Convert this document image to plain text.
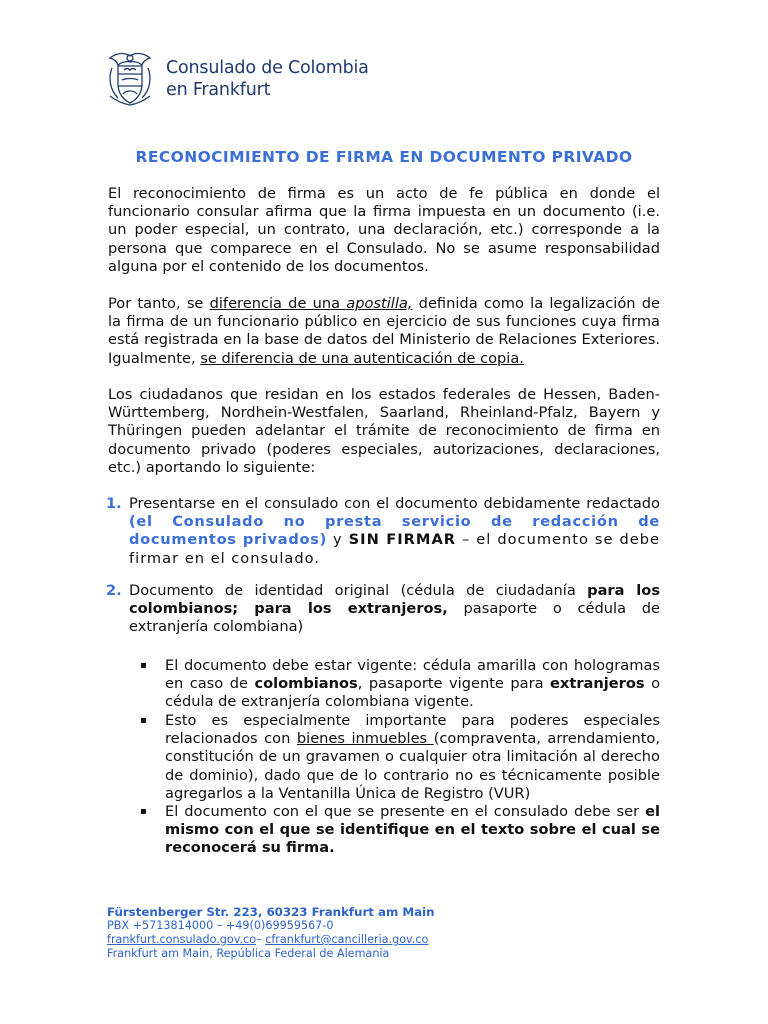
Consulado de Colombia
en Frankfurt
RECONOCIMIENTO DE FIRMA EN DOCUMENTO PRIVADO
El reconocimiento de firma es un acto de fe pública en donde el funcionario consular afirma que la firma impuesta en un documento (i.e. un poder especial, un contrato, una declaración, etc.) corresponde a la persona que comparece en el Consulado. No se asume responsabilidad alguna por el contenido de los documentos.
Por tanto, se diferencia de una apostilla, definida como la legalización de la firma de un funcionario público en ejercicio de sus funciones cuya firma está registrada en la base de datos del Ministerio de Relaciones Exteriores. Igualmente, se diferencia de una autenticación de copia.
Los ciudadanos que residan en los estados federales de Hessen, Baden-Württemberg, Nordhein-Westfalen, Saarland, Rheinland-Pfalz, Bayern y Thüringen pueden adelantar el trámite de reconocimiento de firma en documento privado (poderes especiales, autorizaciones, declaraciones, etc.) aportando lo siguiente:
1. Presentarse en el consulado con el documento debidamente redactado (el Consulado no presta servicio de redacción de documentos privados) y SIN FIRMAR – el documento se debe firmar en el consulado.
2. Documento de identidad original (cédula de ciudadanía para los colombianos; para los extranjeros, pasaporte o cédula de extranjería colombiana)
▪ El documento debe estar vigente: cédula amarilla con hologramas en caso de colombianos, pasaporte vigente para extranjeros o cédula de extranjería colombiana vigente.
▪ Esto es especialmente importante para poderes especiales relacionados con bienes inmuebles (compraventa, arrendamiento, constitución de un gravamen o cualquier otra limitación al derecho de dominio), dado que de lo contrario no es técnicamente posible agregarlos a la Ventanilla Única de Registro (VUR)
▪ El documento con el que se presente en el consulado debe ser el mismo con el que se identifique en el texto sobre el cual se reconocerá su firma.
Fürstenberger Str. 223, 60323 Frankfurt am Main
PBX +5713814000 – +49(0)69959567-0
frankfurt.consulado.gov.co– cfrankfurt@cancilleria.gov.co
Frankfurt am Main, República Federal de Alemania
